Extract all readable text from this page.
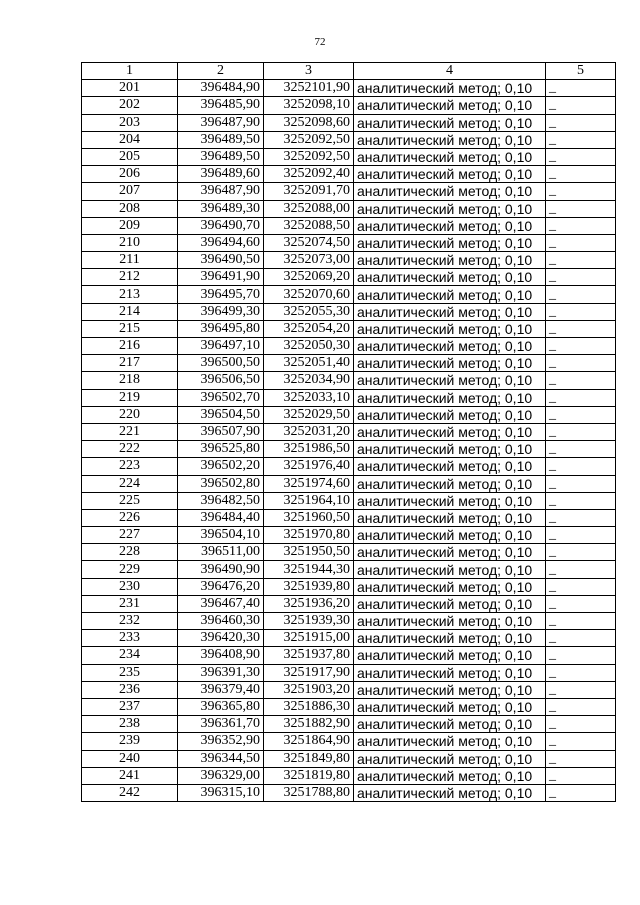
72
1	2	3	4	5
201	396484,90	3252101,90	аналитический метод; 0,10	_
202	396485,90	3252098,10	аналитический метод; 0,10	_
203	396487,90	3252098,60	аналитический метод; 0,10	_
204	396489,50	3252092,50	аналитический метод; 0,10	_
205	396489,50	3252092,50	аналитический метод; 0,10	_
206	396489,60	3252092,40	аналитический метод; 0,10	_
207	396487,90	3252091,70	аналитический метод; 0,10	_
208	396489,30	3252088,00	аналитический метод; 0,10	_
209	396490,70	3252088,50	аналитический метод; 0,10	_
210	396494,60	3252074,50	аналитический метод; 0,10	_
211	396490,50	3252073,00	аналитический метод; 0,10	_
212	396491,90	3252069,20	аналитический метод; 0,10	_
213	396495,70	3252070,60	аналитический метод; 0,10	_
214	396499,30	3252055,30	аналитический метод; 0,10	_
215	396495,80	3252054,20	аналитический метод; 0,10	_
216	396497,10	3252050,30	аналитический метод; 0,10	_
217	396500,50	3252051,40	аналитический метод; 0,10	_
218	396506,50	3252034,90	аналитический метод; 0,10	_
219	396502,70	3252033,10	аналитический метод; 0,10	_
220	396504,50	3252029,50	аналитический метод; 0,10	_
221	396507,90	3252031,20	аналитический метод; 0,10	_
222	396525,80	3251986,50	аналитический метод; 0,10	_
223	396502,20	3251976,40	аналитический метод; 0,10	_
224	396502,80	3251974,60	аналитический метод; 0,10	_
225	396482,50	3251964,10	аналитический метод; 0,10	_
226	396484,40	3251960,50	аналитический метод; 0,10	_
227	396504,10	3251970,80	аналитический метод; 0,10	_
228	396511,00	3251950,50	аналитический метод; 0,10	_
229	396490,90	3251944,30	аналитический метод; 0,10	_
230	396476,20	3251939,80	аналитический метод; 0,10	_
231	396467,40	3251936,20	аналитический метод; 0,10	_
232	396460,30	3251939,30	аналитический метод; 0,10	_
233	396420,30	3251915,00	аналитический метод; 0,10	_
234	396408,90	3251937,80	аналитический метод; 0,10	_
235	396391,30	3251917,90	аналитический метод; 0,10	_
236	396379,40	3251903,20	аналитический метод; 0,10	_
237	396365,80	3251886,30	аналитический метод; 0,10	_
238	396361,70	3251882,90	аналитический метод; 0,10	_
239	396352,90	3251864,90	аналитический метод; 0,10	_
240	396344,50	3251849,80	аналитический метод; 0,10	_
241	396329,00	3251819,80	аналитический метод; 0,10	_
242	396315,10	3251788,80	аналитический метод; 0,10	_
